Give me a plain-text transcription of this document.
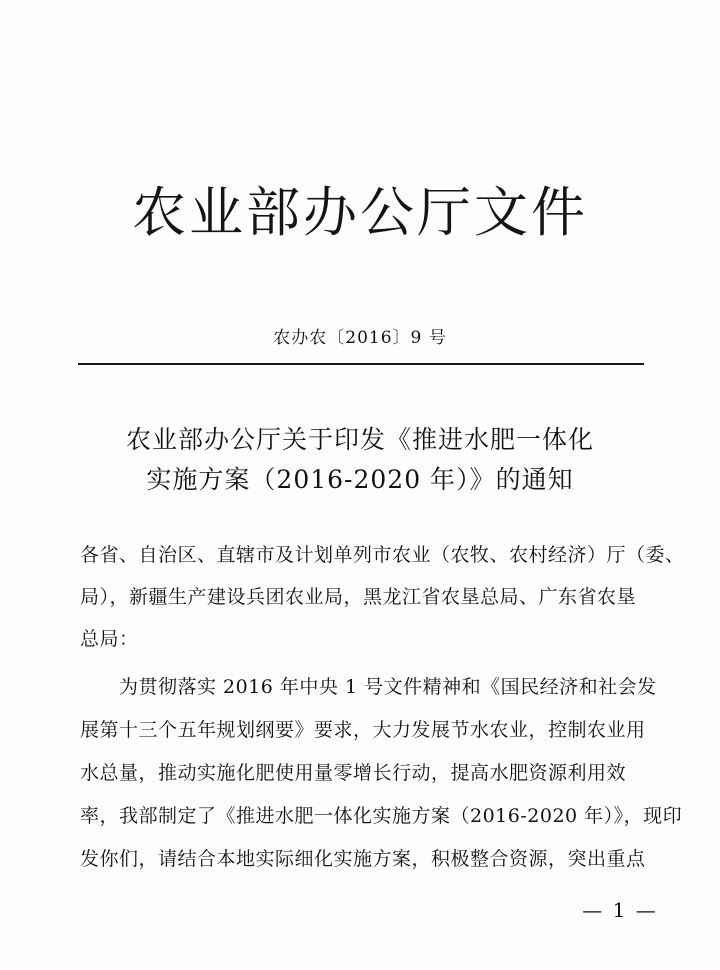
农业部办公厅文件
农办农〔2016〕9 号
农业部办公厅关于印发《推进水肥一体化
实施方案（2016-2020 年）》的通知
各省、自治区、直辖市及计划单列市农业（农牧、农村经济）厅（委、
局），新疆生产建设兵团农业局，黑龙江省农垦总局、广东省农垦
总局：
　　为贯彻落实 2016 年中央 1 号文件精神和《国民经济和社会发
展第十三个五年规划纲要》要求，大力发展节水农业，控制农业用
水总量，推动实施化肥使用量零增长行动，提高水肥资源利用效
率，我部制定了《推进水肥一体化实施方案（2016-2020 年）》，现印
发你们，请结合本地实际细化实施方案，积极整合资源，突出重点
— 1 —
